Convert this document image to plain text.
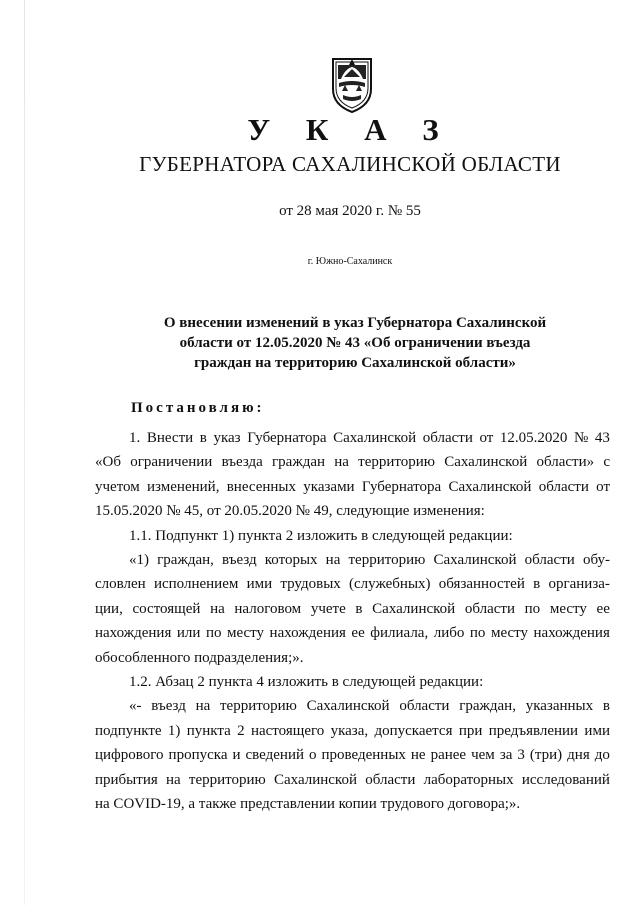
У К А З
ГУБЕРНАТОРА САХАЛИНСКОЙ ОБЛАСТИ
от 28 мая 2020 г. № 55
г. Южно-Сахалинск
О внесении изменений в указ Губернатора Сахалинской
области от 12.05.2020 № 43 «Об ограничении въезда
граждан на территорию Сахалинской области»
Постановляю:
1. Внести в указ Губернатора Сахалинской области от 12.05.2020 № 43
«Об ограничении въезда граждан на территорию Сахалинской области» с
учетом изменений, внесенных указами Губернатора Сахалинской области от
15.05.2020 № 45, от 20.05.2020 № 49, следующие изменения:
1.1. Подпункт 1) пункта 2 изложить в следующей редакции:
«1) граждан, въезд которых на территорию Сахалинской области обу-
словлен исполнением ими трудовых (служебных) обязанностей в организа-
ции, состоящей на налоговом учете в Сахалинской области по месту ее
нахождения или по месту нахождения ее филиала, либо по месту нахождения
обособленного подразделения;».
1.2. Абзац 2 пункта 4 изложить в следующей редакции:
«- въезд на территорию Сахалинской области граждан, указанных в
подпункте 1) пункта 2 настоящего указа, допускается при предъявлении ими
цифрового пропуска и сведений о проведенных не ранее чем за 3 (три) дня до
прибытия на территорию Сахалинской области лабораторных исследований
на COVID-19, а также представлении копии трудового договора;».
